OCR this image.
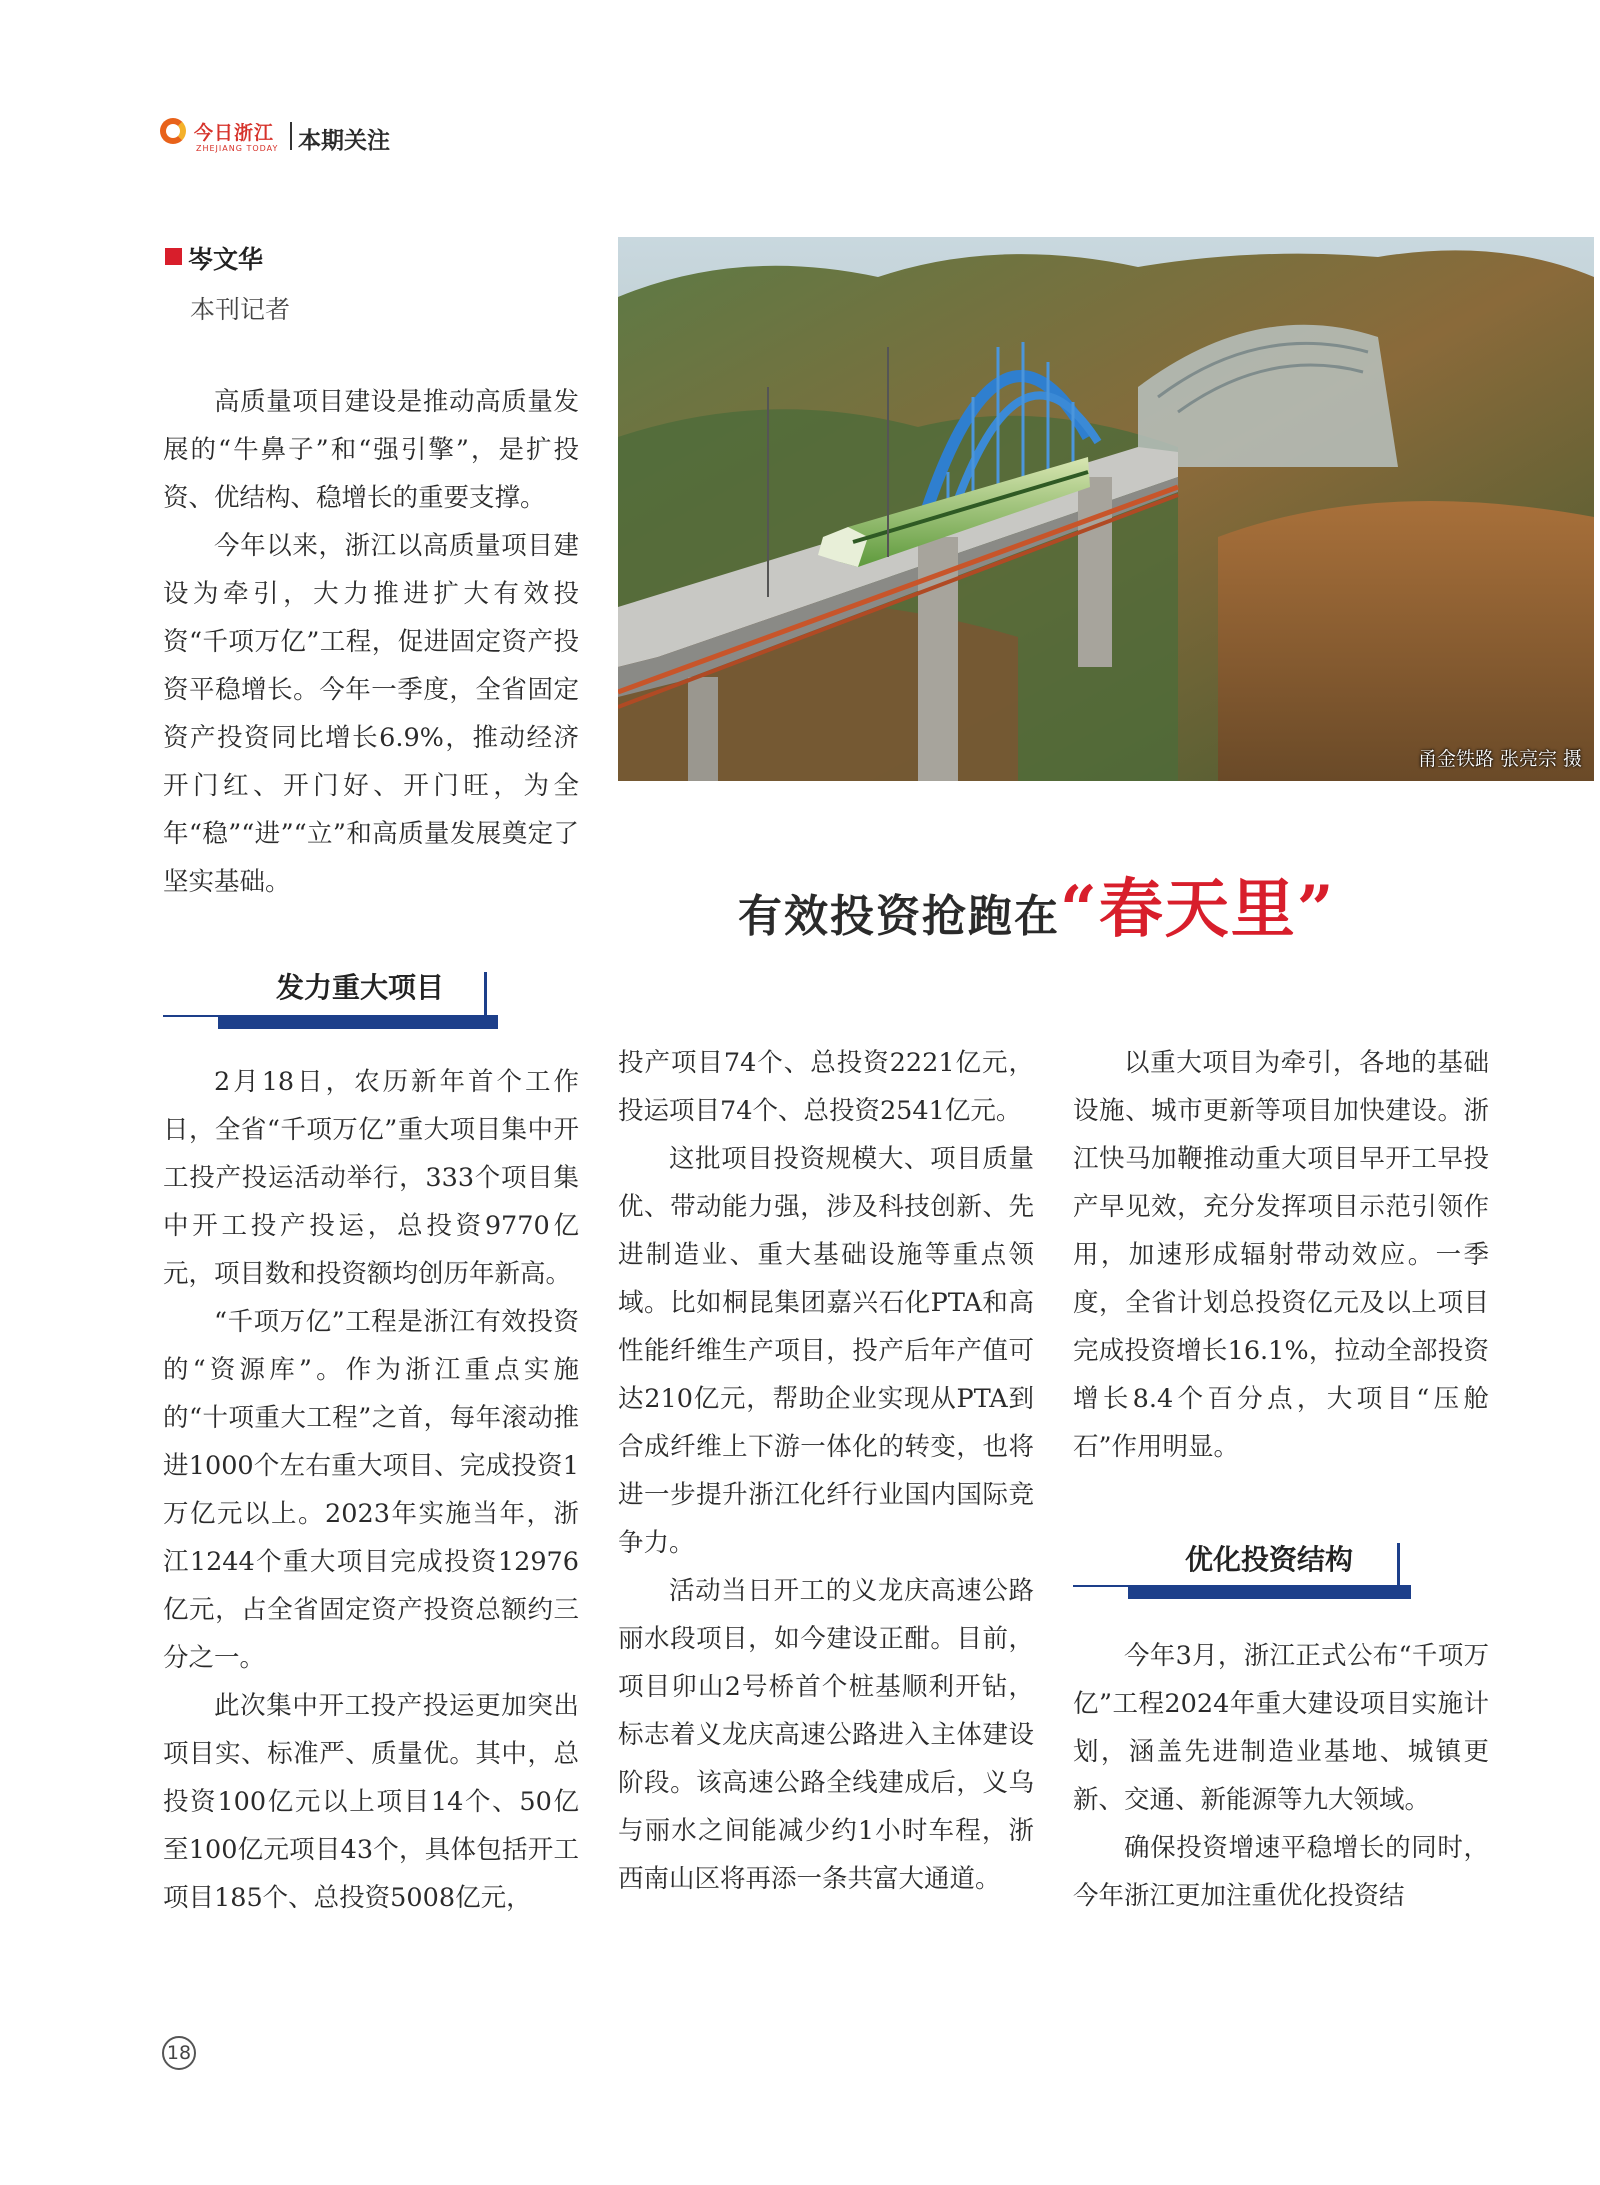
今日浙江
ZHEJIANG TODAY 本期关注
岑文华
本刊记者

高质量项目建设是推动高质量发展的“牛鼻子”和“强引擎”，是扩投资、优结构、稳增长的重要支撑。

今年以来，浙江以高质量项目建设为牵引，大力推进扩大有效投资“千项万亿”工程，促进固定资产投资平稳增长。今年一季度，全省固定资产投资同比增长6.9%，推动经济开门红、开门好、开门旺，为全年“稳”“进”“立”和高质量发展奠定了坚实基础。

甬金铁路 张亮宗 摄
有效投资抢跑在“春天里”
发力重大项目

2月18日，农历新年首个工作日，全省“千项万亿”重大项目集中开工投产投运活动举行，333个项目集中开工投产投运，总投资9770亿元，项目数和投资额均创历年新高。

“千项万亿”工程是浙江有效投资的“资源库”。作为浙江重点实施的“十项重大工程”之首，每年滚动推进1000个左右重大项目、完成投资1万亿元以上。2023年实施当年，浙江1244个重大项目完成投资12976亿元，占全省固定资产投资总额约三分之一。

此次集中开工投产投运更加突出项目实、标准严、质量优。其中，总投资100亿元以上项目14个、50亿至100亿元项目43个，具体包括开工项目185个、总投资5008亿元，

投产项目74个、总投资2221亿元，投运项目74个、总投资2541亿元。

这批项目投资规模大、项目质量优、带动能力强，涉及科技创新、先进制造业、重大基础设施等重点领域。比如桐昆集团嘉兴石化PTA和高性能纤维生产项目，投产后年产值可达210亿元，帮助企业实现从PTA到合成纤维上下游一体化的转变，也将进一步提升浙江化纤行业国内国际竞争力。

活动当日开工的义龙庆高速公路丽水段项目，如今建设正酣。目前，项目卯山2号桥首个桩基顺利开钻，标志着义龙庆高速公路进入主体建设阶段。该高速公路全线建成后，义乌与丽水之间能减少约1小时车程，浙西南山区将再添一条共富大通道。

以重大项目为牵引，各地的基础设施、城市更新等项目加快建设。浙江快马加鞭推动重大项目早开工早投产早见效，充分发挥项目示范引领作用，加速形成辐射带动效应。一季度，全省计划总投资亿元及以上项目完成投资增长16.1%，拉动全部投资增长8.4个百分点，大项目“压舱石”作用明显。

优化投资结构

今年3月，浙江正式公布“千项万亿”工程2024年重大建设项目实施计划，涵盖先进制造业基地、城镇更新、交通、新能源等九大领域。

确保投资增速平稳增长的同时，今年浙江更加注重优化投资结

18
